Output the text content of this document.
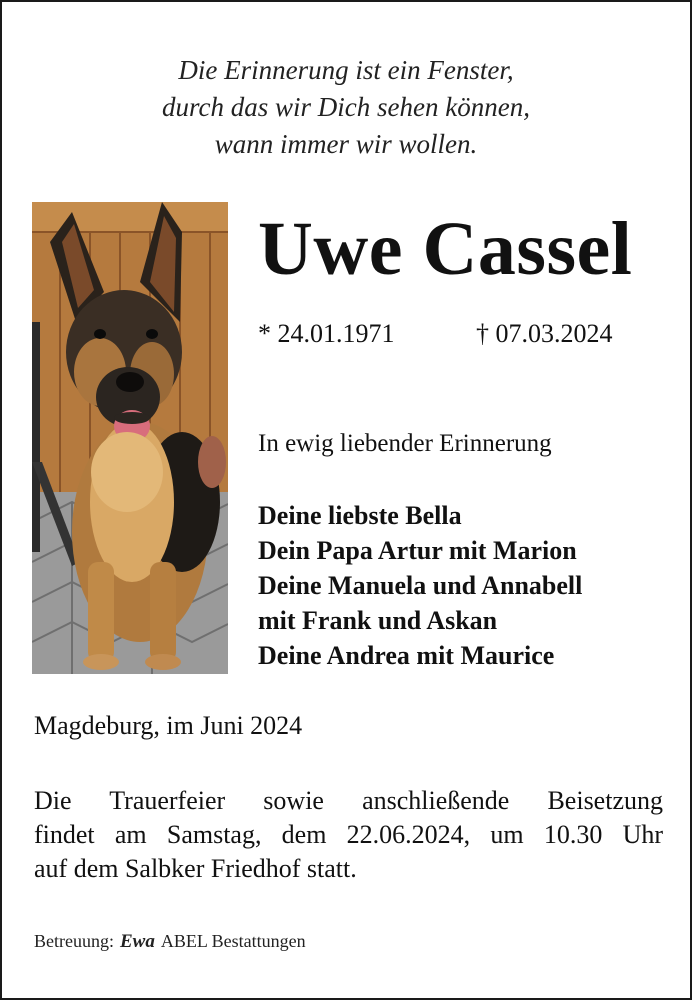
Die Erinnerung ist ein Fenster,
durch das wir Dich sehen können,
wann immer wir wollen.
Uwe Cassel
* 24.01.1971	† 07.03.2024
In ewig liebender Erinnerung
Deine liebste Bella
Dein Papa Artur mit Marion
Deine Manuela und Annabell
mit Frank und Askan
Deine Andrea mit Maurice
Magdeburg, im Juni 2024
Die Trauerfeier sowie anschließende Beisetzung
findet am Samstag, dem 22.06.2024, um 10.30 Uhr
auf dem Salbker Friedhof statt.
Betreuung: Ewa ABEL Bestattungen
